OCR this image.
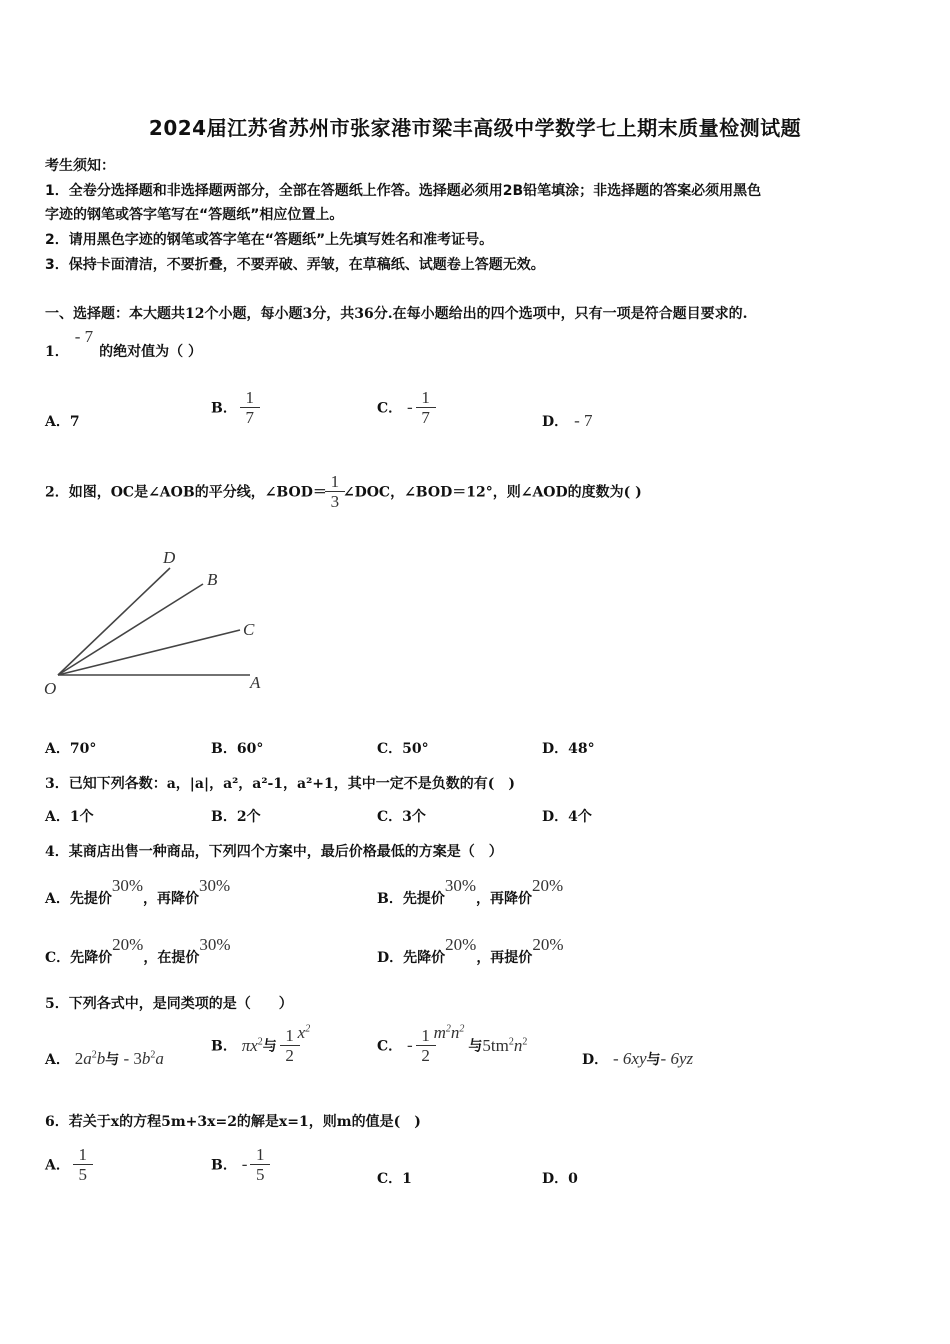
2024届江苏省苏州市张家港市梁丰高级中学数学七上期末质量检测试题
考生须知：
1．全卷分选择题和非选择题两部分，全部在答题纸上作答。选择题必须用2B铅笔填涂；非选择题的答案必须用黑色
字迹的钢笔或答字笔写在“答题纸”相应位置上。
2．请用黑色字迹的钢笔或答字笔在“答题纸”上先填写姓名和准考证号。
3．保持卡面清洁，不要折叠，不要弄破、弄皱，在草稿纸、试题卷上答题无效。
一、选择题：本大题共12个小题，每小题3分，共36分.在每小题给出的四个选项中，只有一项是符合题目要求的.
1．- 7的绝对值为（ ）
A．7
B． $\frac{1}{7}$	C． - $\frac{1}{7}$	D． - 7
2．如图，OC是∠AOB的平分线，∠BOD＝ $\frac{1}{3}$ ∠DOC，∠BOD＝12°，则∠AOD的度数为( )
O	A
B
C
D
A．70°	B．60°	C．50°	D．48°
3．已知下列各数：a，|a|，a²，a²-1，a²+1，其中一定不是负数的有(　)
A．1个	B．2个	C．3个	D．4个
4．某商店出售一种商品，下列四个方案中，最后价格最低的方案是（　）
A．先提价30%，再降价30%
B．先提价30%，再降价20%
C．先降价20%，在提价30%
D．先降价20%，再提价20%
5．下列各式中，是同类项的是（　　）
A． $2a^2b$与 - $3b^2a$
B． $\pi x^2$与 $\frac{1}{2} x^2$
C． - $\frac{1}{2} m^2n^2$与$5tm^2n^2$
D． - 6xy与- 6yz
6．若关于x的方程5m+3x=2的解是x=1，则m的值是(　)
A． $\frac{1}{5}$	B． - $\frac{1}{5}$	C．1	D．0
